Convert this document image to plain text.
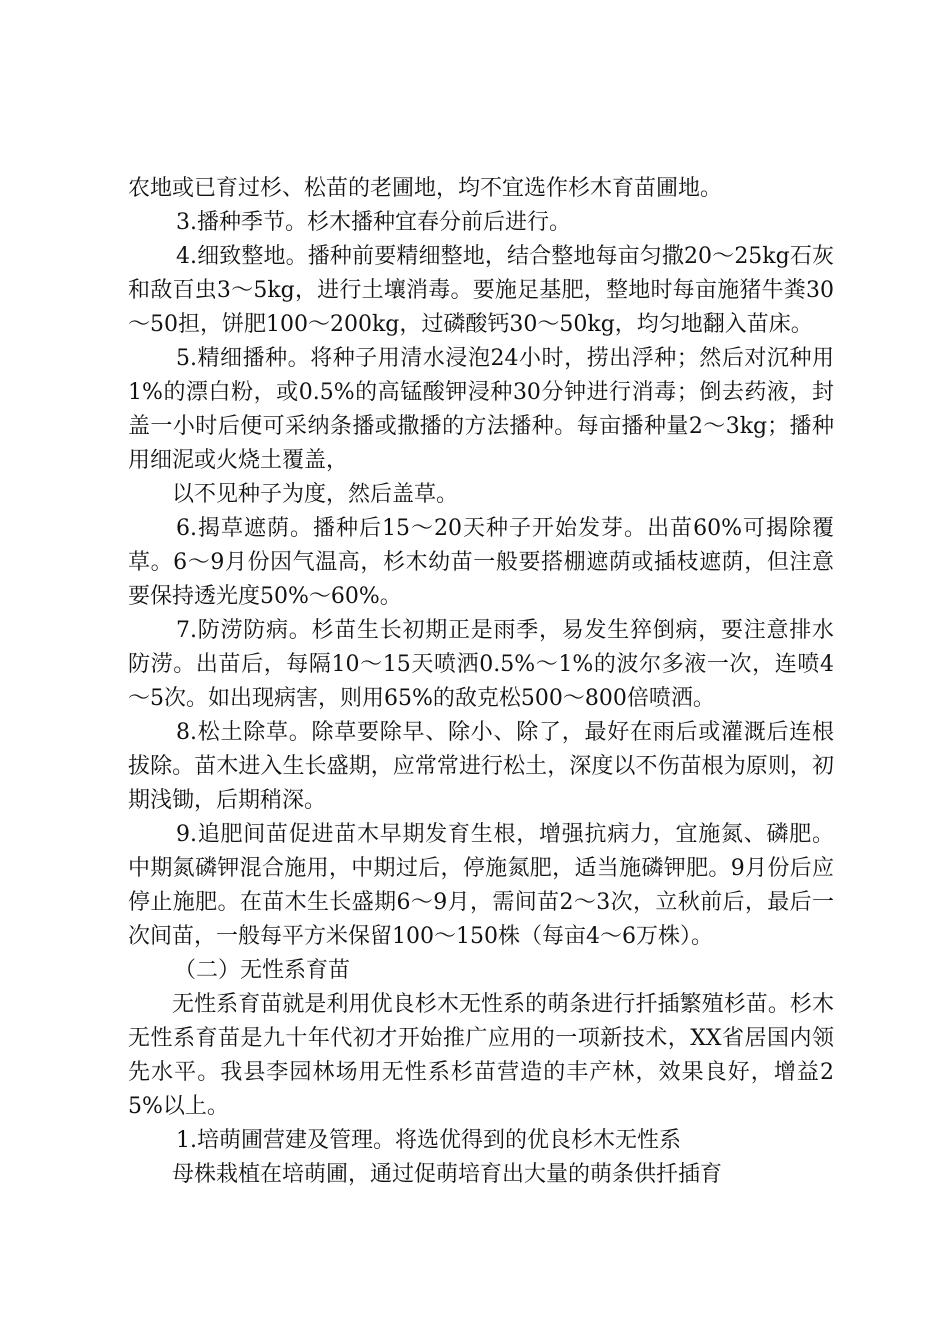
农地或已育过杉、松苗的老圃地，均不宜选作杉木育苗圃地。

3.播种季节。杉木播种宜春分前后进行。

4.细致整地。播种前要精细整地，结合整地每亩匀撒20～25kg石灰和敌百虫3～5kg，进行土壤消毒。要施足基肥，整地时每亩施猪牛粪30～50担，饼肥100～200kg，过磷酸钙30～50kg，均匀地翻入苗床。

5.精细播种。将种子用清水浸泡24小时，捞出浮种；然后对沉种用1%的漂白粉，或0.5%的高锰酸钾浸种30分钟进行消毒；倒去药液，封盖一小时后便可采纳条播或撒播的方法播种。每亩播种量2～3kg；播种用细泥或火烧土覆盖，

以不见种子为度，然后盖草。

6.揭草遮荫。播种后15～20天种子开始发芽。出苗60%可揭除覆草。6～9月份因气温高，杉木幼苗一般要搭棚遮荫或插枝遮荫，但注意要保持透光度50%～60%。

7.防涝防病。杉苗生长初期正是雨季，易发生猝倒病，要注意排水防涝。出苗后，每隔10～15天喷洒0.5%～1%的波尔多液一次，连喷4～5次。如出现病害，则用65%的敌克松500～800倍喷洒。

8.松土除草。除草要除早、除小、除了，最好在雨后或灌溉后连根拔除。苗木进入生长盛期，应常常进行松土，深度以不伤苗根为原则，初期浅锄，后期稍深。

9.追肥间苗促进苗木早期发育生根，增强抗病力，宜施氮、磷肥。中期氮磷钾混合施用，中期过后，停施氮肥，适当施磷钾肥。9月份后应停止施肥。在苗木生长盛期6～9月，需间苗2～3次，立秋前后，最后一次间苗，一般每平方米保留100～150株（每亩4～6万株）。

（二）无性系育苗

无性系育苗就是利用优良杉木无性系的萌条进行扦插繁殖杉苗。杉木无性系育苗是九十年代初才开始推广应用的一项新技术，XX省居国内领先水平。我县李园林场用无性系杉苗营造的丰产林，效果良好，增益25%以上。

1.培萌圃营建及管理。将选优得到的优良杉木无性系

母株栽植在培萌圃，通过促萌培育出大量的萌条供扦插育
